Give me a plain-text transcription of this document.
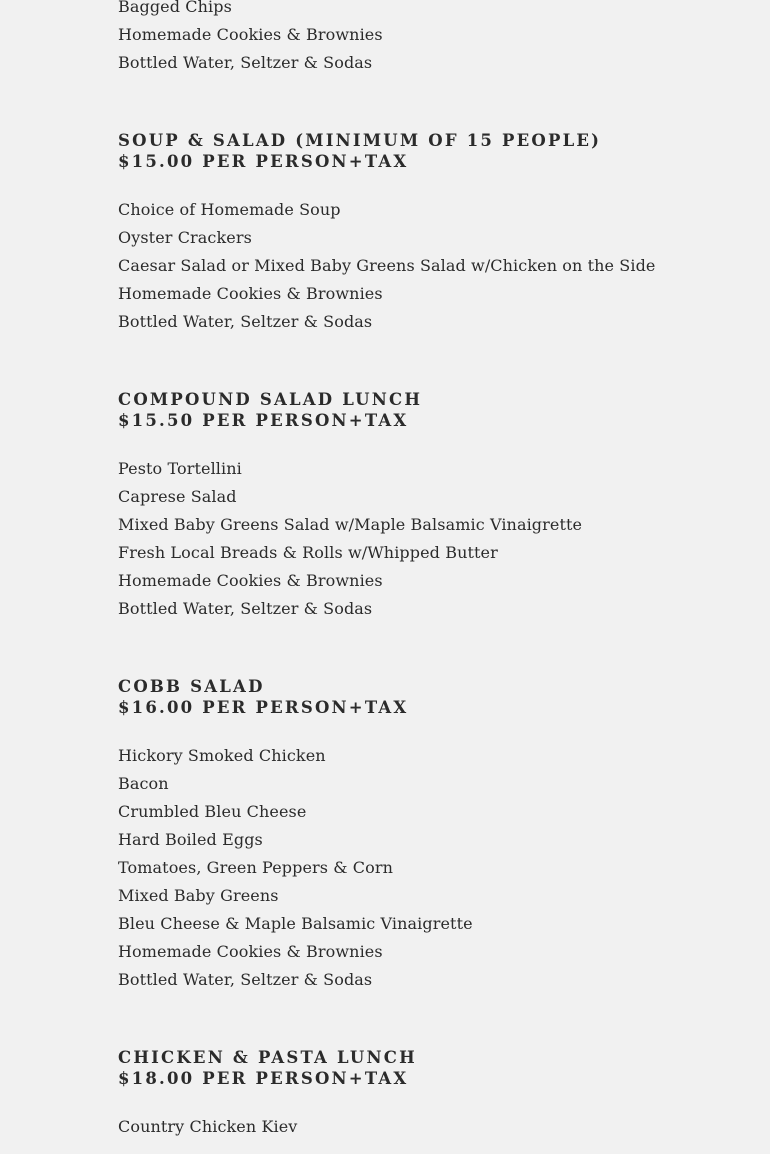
Bagged Chips
Homemade Cookies & Brownies
Bottled Water, Seltzer & Sodas
SOUP & SALAD (MINIMUM OF 15 PEOPLE)
$15.00 PER PERSON+TAX
Choice of Homemade Soup
Oyster Crackers
Caesar Salad or Mixed Baby Greens Salad w/Chicken on the Side
Homemade Cookies & Brownies
Bottled Water, Seltzer & Sodas
COMPOUND SALAD LUNCH
$15.50 PER PERSON+TAX
Pesto Tortellini
Caprese Salad
Mixed Baby Greens Salad w/Maple Balsamic Vinaigrette
Fresh Local Breads & Rolls w/Whipped Butter
Homemade Cookies & Brownies
Bottled Water, Seltzer & Sodas
COBB SALAD
$16.00 PER PERSON+TAX
Hickory Smoked Chicken
Bacon
Crumbled Bleu Cheese
Hard Boiled Eggs
Tomatoes, Green Peppers & Corn
Mixed Baby Greens
Bleu Cheese & Maple Balsamic Vinaigrette
Homemade Cookies & Brownies
Bottled Water, Seltzer & Sodas
CHICKEN & PASTA LUNCH
$18.00 PER PERSON+TAX
Country Chicken Kiev
